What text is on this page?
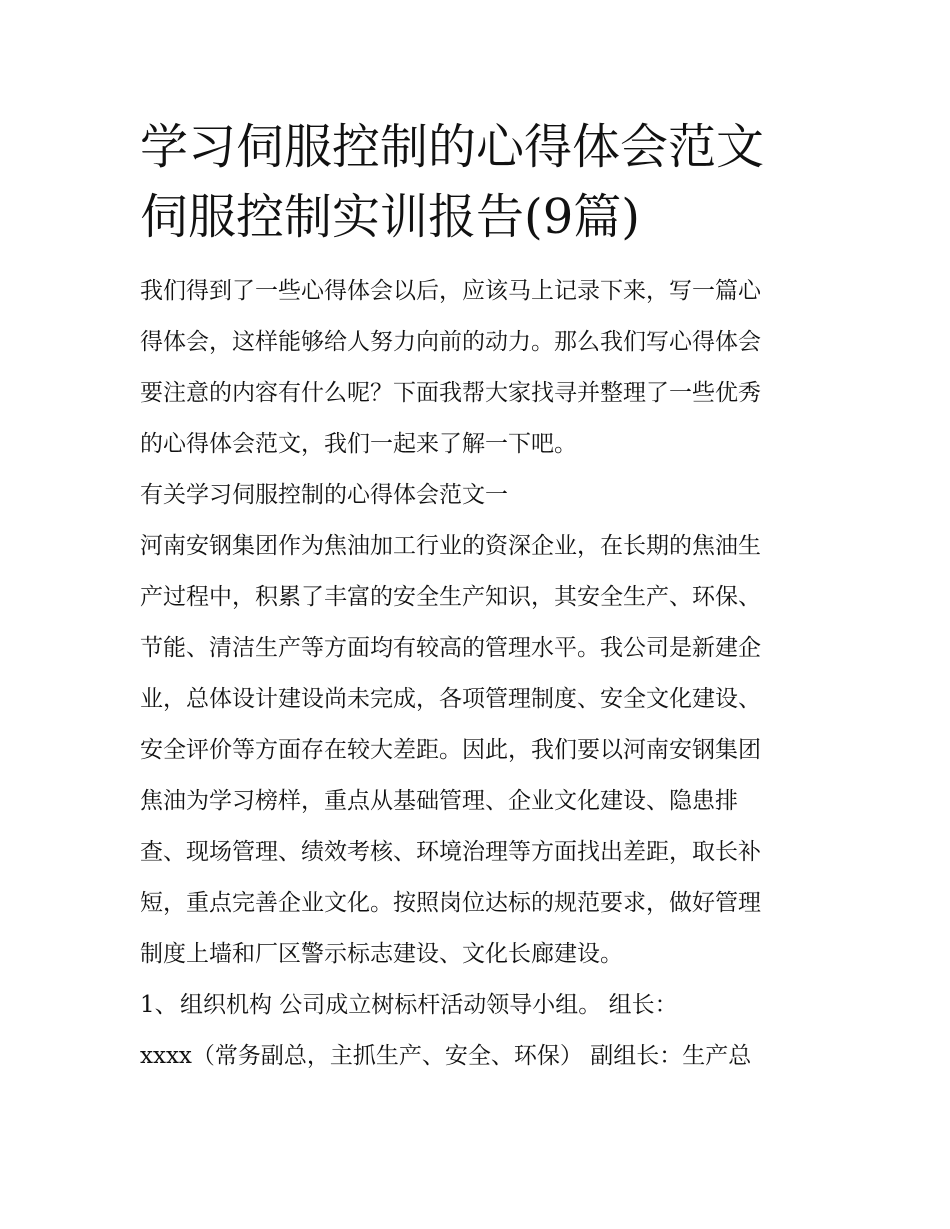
学习伺服控制的心得体会范文
伺服控制实训报告(9篇)

我们得到了一些心得体会以后，应该马上记录下来，写一篇心
得体会，这样能够给人努力向前的动力。那么我们写心得体会
要注意的内容有什么呢？下面我帮大家找寻并整理了一些优秀
的心得体会范文，我们一起来了解一下吧。

有关学习伺服控制的心得体会范文一

河南安钢集团作为焦油加工行业的资深企业，在长期的焦油生
产过程中，积累了丰富的安全生产知识，其安全生产、环保、
节能、清洁生产等方面均有较高的管理水平。我公司是新建企
业，总体设计建设尚未完成，各项管理制度、安全文化建设、
安全评价等方面存在较大差距。因此，我们要以河南安钢集团
焦油为学习榜样，重点从基础管理、企业文化建设、隐患排
查、现场管理、绩效考核、环境治理等方面找出差距，取长补
短，重点完善企业文化。按照岗位达标的规范要求，做好管理
制度上墙和厂区警示标志建设、文化长廊建设。

1、 组织机构 公司成立树标杆活动领导小组。 组长：

xxxx（常务副总，主抓生产、安全、环保） 副组长：生产总
